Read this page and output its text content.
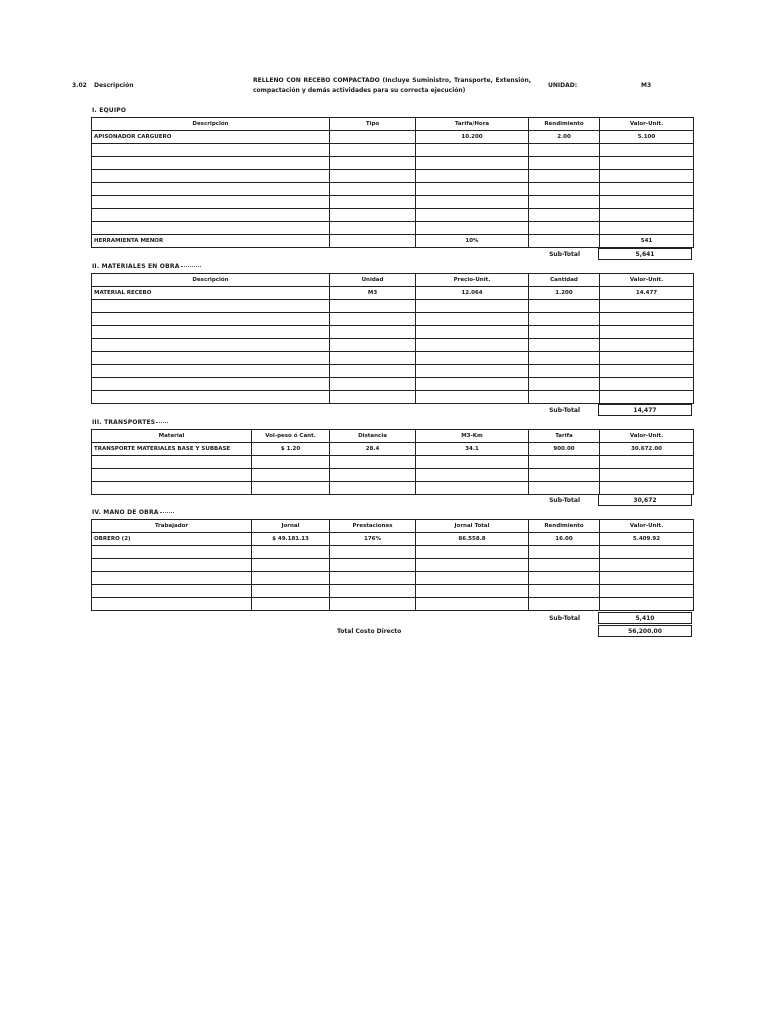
3.02 Descripción
RELLENO CON RECEBO COMPACTADO (Incluye Suministro, Transporte, Extensión, compactación y demás actividades para su correcta ejecución)
UNIDAD:	M3
I. EQUIPO
Descripción	Tipo	Tarifa/Hora	Rendimiento	Valor-Unit.
APISONADOR CARGUERO		10.200	2.00	5.100

HERRAMIENTA MENOR		10%		541
Sub-Total	5,641
II. MATERIALES EN OBRA
Descripción	Unidad	Precio-Unit.	Cantidad	Valor-Unit.
MATERIAL RECEBO	M3	12.064	1.200	14.477

Sub-Total	14,477
III. TRANSPORTES
Material	Vol-peso ó Cant.	Distancia	M3-Km	Tarifa	Valor-Unit.
TRANSPORTE MATERIALES BASE Y SUBBASE	$ 1.20	28.4	34.1	900.00	30.672.00

Sub-Total	30,672
IV. MANO DE OBRA
Trabajador	Jornal	Prestaciones	Jornal Total	Rendimiento	Valor-Unit.
OBRERO (2)	$ 49.181.13	176%	86.558.8	16.00	5.409.92

Sub-Total	5,410
Total Costo Directo	56,200.00
